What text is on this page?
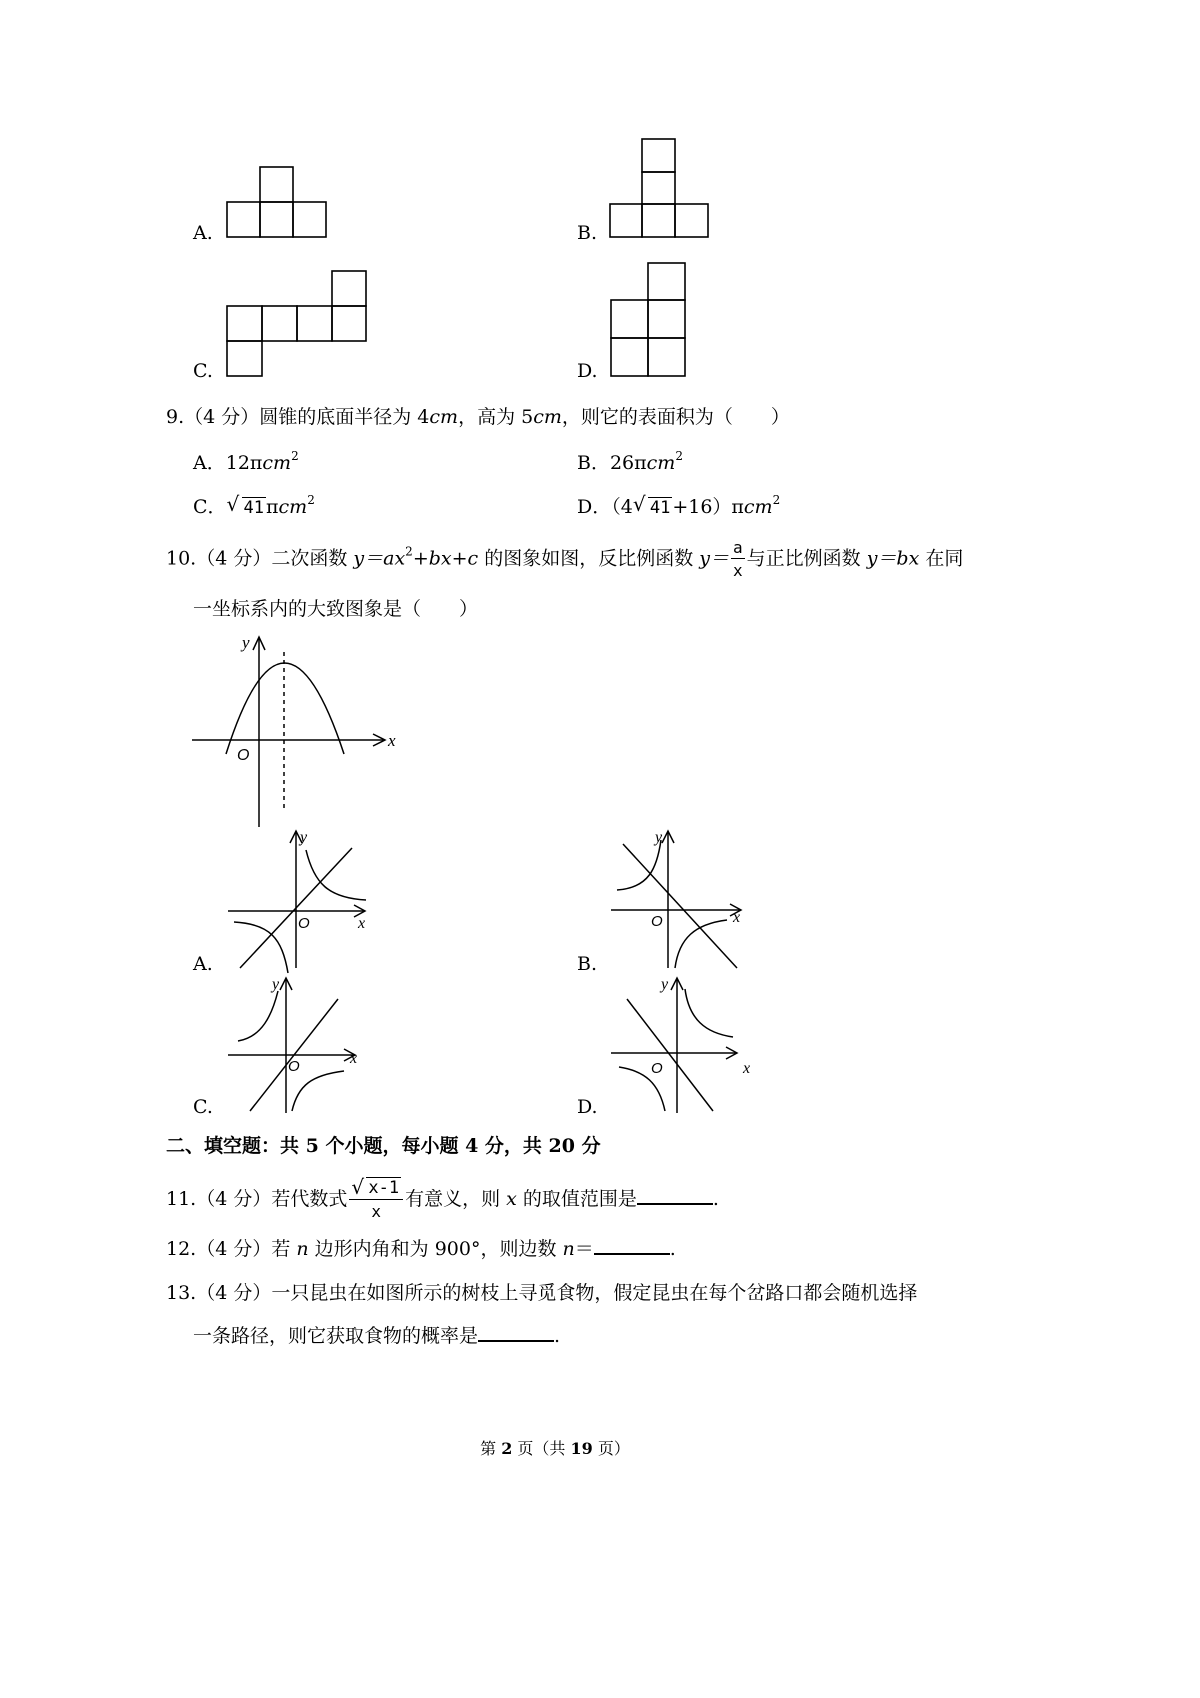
A.	B.
C.	D.
9.（4 分）圆锥的底面半径为 4cm，高为 5cm，则它的表面积为（　　）
A．12πcm$^2$	B．26πcm$^2$
C． √ 41 πcm$^2$	D．（4 √ 41 +16）πcm$^2$
10.（4 分）二次函数 $y=ax^2+bx+c$ 的图象如图，反比例函数 $y= \frac{a}{x}$ 与正比例函数 y＝bx 在同
一坐标系内的大致图象是（　　）
y
x
O
A.
y
x
O
B.
y
x
O
C.
y
x
O
D.
y
x
O
二、填空题：共 5 个小题，每小题 4 分，共 20 分
11.（4 分）若代数式 √ $\frac{x-1}{x}$ 有意义，则 x 的取值范围是	.
12.（4 分）若 n 边形内角和为 900°，则边数 n＝	.
13.（4 分）一只昆虫在如图所示的树枝上寻觅食物，假定昆虫在每个岔路口都会随机选择
一条路径，则它获取食物的概率是	.
第 2 页（共 19 页）
